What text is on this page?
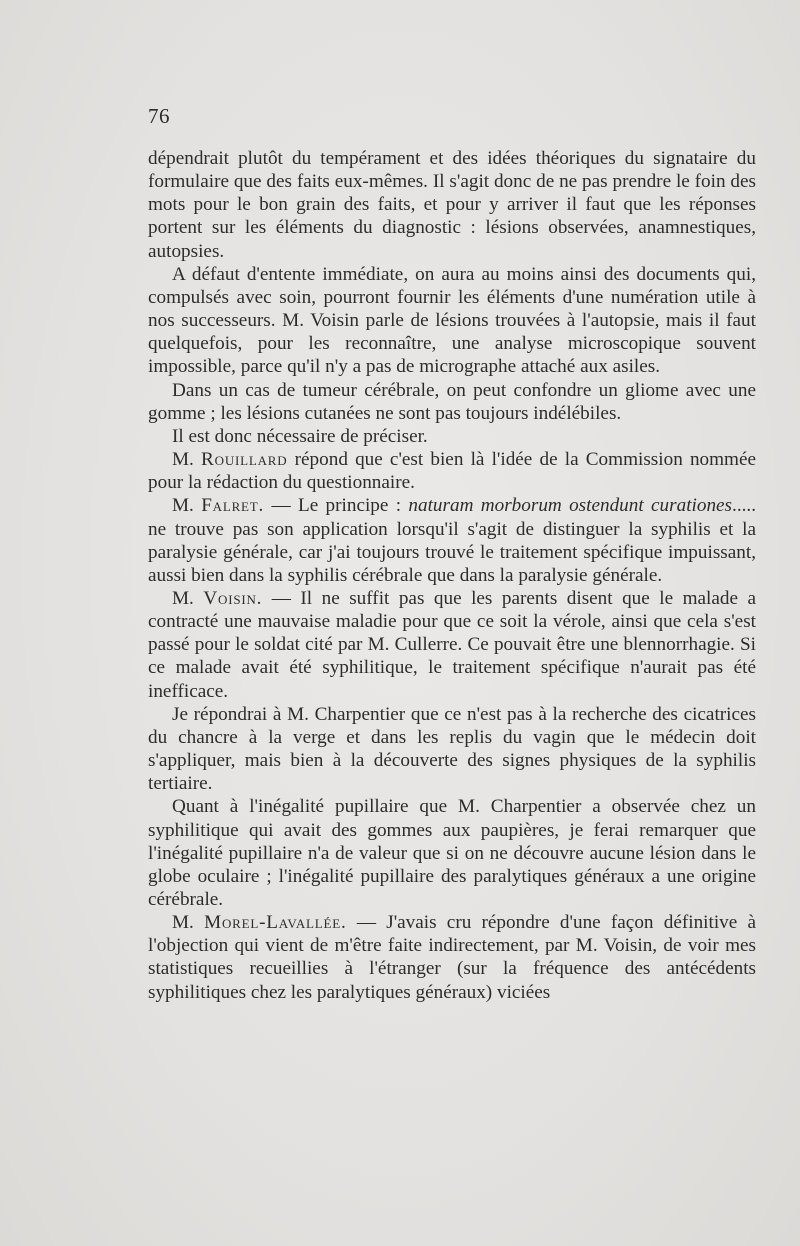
76

dépendrait plutôt du tempérament et des idées théoriques du signataire du formulaire que des faits eux-mêmes. Il s'agit donc de ne pas prendre le foin des mots pour le bon grain des faits, et pour y arriver il faut que les réponses portent sur les éléments du diagnostic : lésions observées, anamnestiques, autopsies.

A défaut d'entente immédiate, on aura au moins ainsi des documents qui, compulsés avec soin, pourront fournir les éléments d'une numération utile à nos successeurs. M. Voisin parle de lésions trouvées à l'autopsie, mais il faut quelquefois, pour les reconnaître, une analyse microscopique souvent impossible, parce qu'il n'y a pas de micrographe attaché aux asiles.

Dans un cas de tumeur cérébrale, on peut confondre un gliome avec une gomme ; les lésions cutanées ne sont pas toujours indélébiles.

Il est donc nécessaire de préciser.

M. Rouillard répond que c'est bien là l'idée de la Commission nommée pour la rédaction du questionnaire.

M. Falret. — Le principe : naturam morborum ostendunt curationes..... ne trouve pas son application lorsqu'il s'agit de distinguer la syphilis et la paralysie générale, car j'ai toujours trouvé le traitement spécifique impuissant, aussi bien dans la syphilis cérébrale que dans la paralysie générale.

M. Voisin. — Il ne suffit pas que les parents disent que le malade a contracté une mauvaise maladie pour que ce soit la vérole, ainsi que cela s'est passé pour le soldat cité par M. Cullerre. Ce pouvait être une blennorrhagie. Si ce malade avait été syphilitique, le traitement spécifique n'aurait pas été inefficace.

Je répondrai à M. Charpentier que ce n'est pas à la recherche des cicatrices du chancre à la verge et dans les replis du vagin que le médecin doit s'appliquer, mais bien à la découverte des signes physiques de la syphilis tertiaire.

Quant à l'inégalité pupillaire que M. Charpentier a observée chez un syphilitique qui avait des gommes aux paupières, je ferai remarquer que l'inégalité pupillaire n'a de valeur que si on ne découvre aucune lésion dans le globe oculaire ; l'inégalité pupillaire des paralytiques généraux a une origine cérébrale.

M. Morel-Lavallée. — J'avais cru répondre d'une façon définitive à l'objection qui vient de m'être faite indirectement, par M. Voisin, de voir mes statistiques recueillies à l'étranger (sur la fréquence des antécédents syphilitiques chez les paralytiques généraux) viciées
